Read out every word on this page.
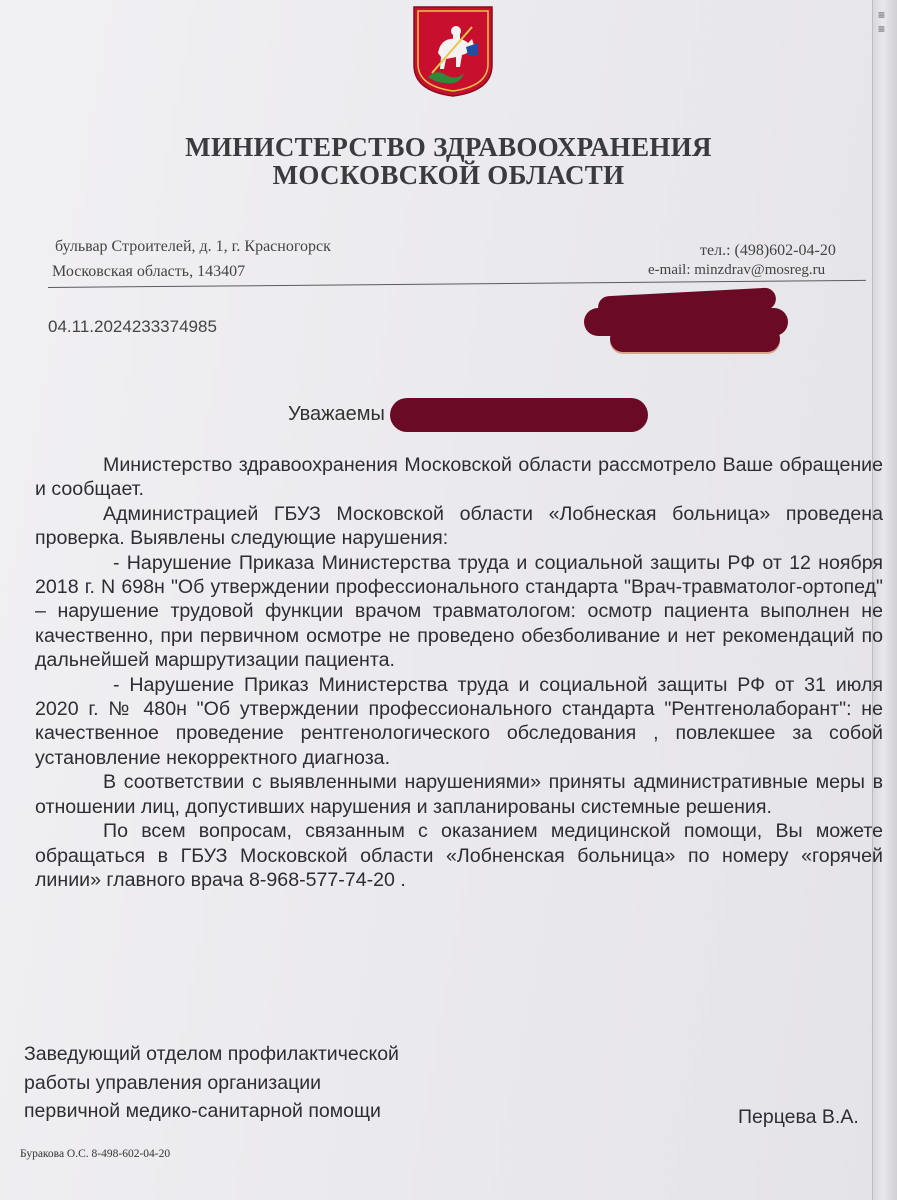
≡
≡
МИНИСТЕРСТВО ЗДРАВООХРАНЕНИЯ
МОСКОВСКОЙ ОБЛАСТИ
бульвар Строителей, д. 1, г. Красногорск
Московская область, 143407
тел.: (498)602-04-20
e-mail: minzdrav@mosreg.ru
04.11.2024233374985
Уважаемы

Министерство здравоохранения Московской области рассмотрело Ваше обращение и сообщает.

Администрацией ГБУЗ Московской области «Лобнеская больница» проведена проверка. Выявлены следующие нарушения:

- Нарушение Приказа Министерства труда и социальной защиты РФ от 12 ноября 2018 г. N 698н "Об утверждении профессионального стандарта "Врач-травматолог-ортопед" – нарушение трудовой функции врачом травматологом: осмотр пациента выполнен не качественно, при первичном осмотре не проведено обезболивание и нет рекомендаций по дальнейшей маршрутизации пациента.

- Нарушение Приказ Министерства труда и социальной защиты РФ от 31 июля 2020 г. № 480н "Об утверждении профессионального стандарта "Рентгенолаборант": не качественное проведение рентгенологического обследования , повлекшее за собой установление некорректного диагноза.

В соответствии с выявленными нарушениями» приняты административные меры в отношении лиц, допустивших нарушения и запланированы системные решения.

По всем вопросам, связанным с оказанием медицинской помощи, Вы можете обращаться в ГБУЗ Московской области «Лобненская больница» по номеру «горячей линии» главного врача 8-968-577-74-20 .

Заведующий отделом профилактической
работы управления организации
первичной медико-санитарной помощи	Перцева В.А.
Буракова О.С. 8-498-602-04-20
